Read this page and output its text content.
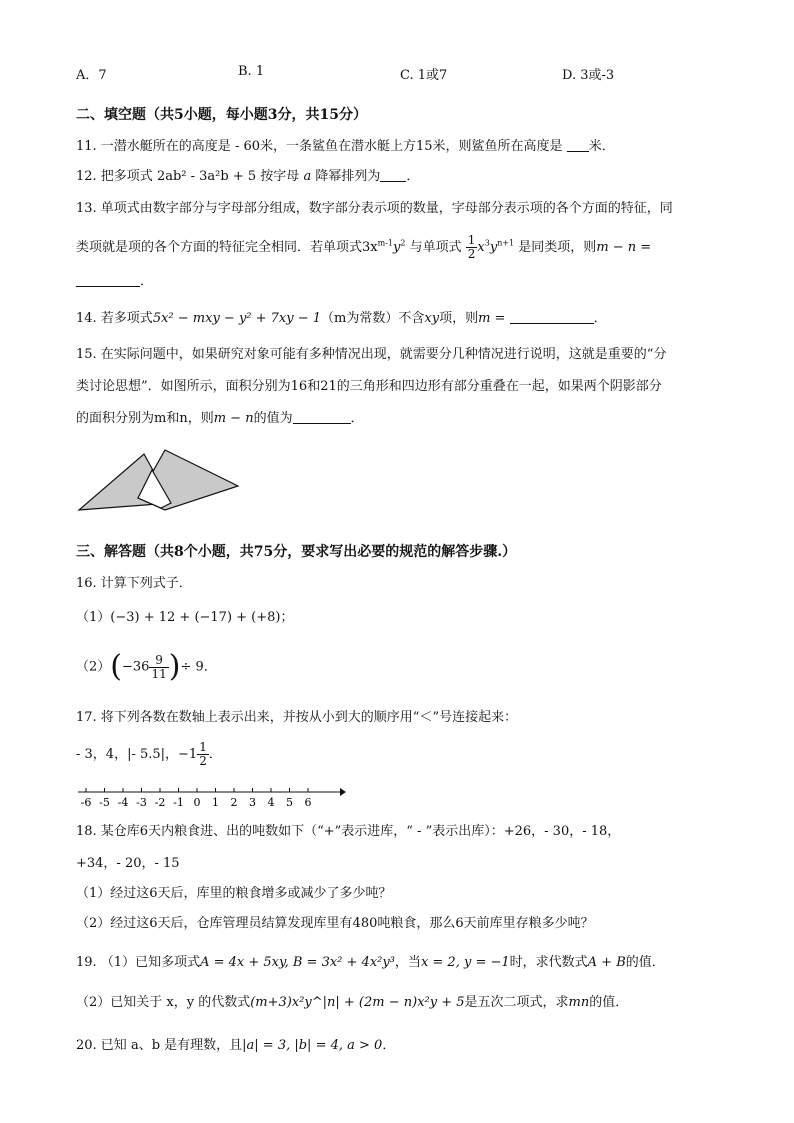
A．7	B. 1	C. 1或7	D. 3或-3
二、填空题（共5小题，每小题3分，共15分）
11. 一潜水艇所在的高度是 - 60米，一条鲨鱼在潜水艇上方15米，则鲨鱼所在高度是 米．
12. 把多项式 2ab² - 3a²b + 5 按字母 a 降幂排列为 ．
13. 单项式由数字部分与字母部分组成，数字部分表示项的数量，字母部分表示项的各个方面的特征，同
类项就是项的各个方面的特征完全相同．若单项式$3x^{m-1}y^2$ 与单项式 $\frac{1}{2} x^3y^{n+1}$ 是同类项，则m − n =
．
14. 若多项式5x² − mxy − y² + 7xy − 1（m为常数）不含xy项，则m =	．
15. 在实际问题中，如果研究对象可能有多种情况出现，就需要分几种情况进行说明，这就是重要的“分
类讨论思想”．如图所示，面积分别为16和21的三角形和四边形有部分重叠在一起，如果两个阴影部分
的面积分别为m和n，则m − n的值为	．
三、解答题（共8个小题，共75分，要求写出必要的规范的解答步骤.）
16. 计算下列式子．
（1）(−3) + 12 + (−17) + (+8)；
$(2)(-36 \frac{9}{11}$ )÷ 9．
17. 将下列各数在数轴上表示出来，并按从小到大的顺序用“＜”号连接起来：
- 3，4，|- 5.5|，$-1 \frac{1}{2}$ ．
-6 -5 -4 -3 -2 -1 0 1 2 3 4 5 6
18. 某仓库6天内粮食进、出的吨数如下（“+”表示进库，“ - ”表示出库）：+26，- 30，- 18，
+34，- 20，- 15
（1）经过这6天后，库里的粮食增多或减少了多少吨？
（2）经过这6天后，仓库管理员结算发现库里有480吨粮食，那么6天前库里存粮多少吨？
19. （1）已知多项式A = 4x + 5xy, B = 3x² + 4x²y³，当x = 2, y = −1时，求代数式A + B的值．
（2）已知关于 x，y 的代数式(m+3)x²y^|n| + (2m − n)x²y + 5是五次二项式，求mn的值．
20. 已知 a、b 是有理数，且|a| = 3, |b| = 4, a > 0．
